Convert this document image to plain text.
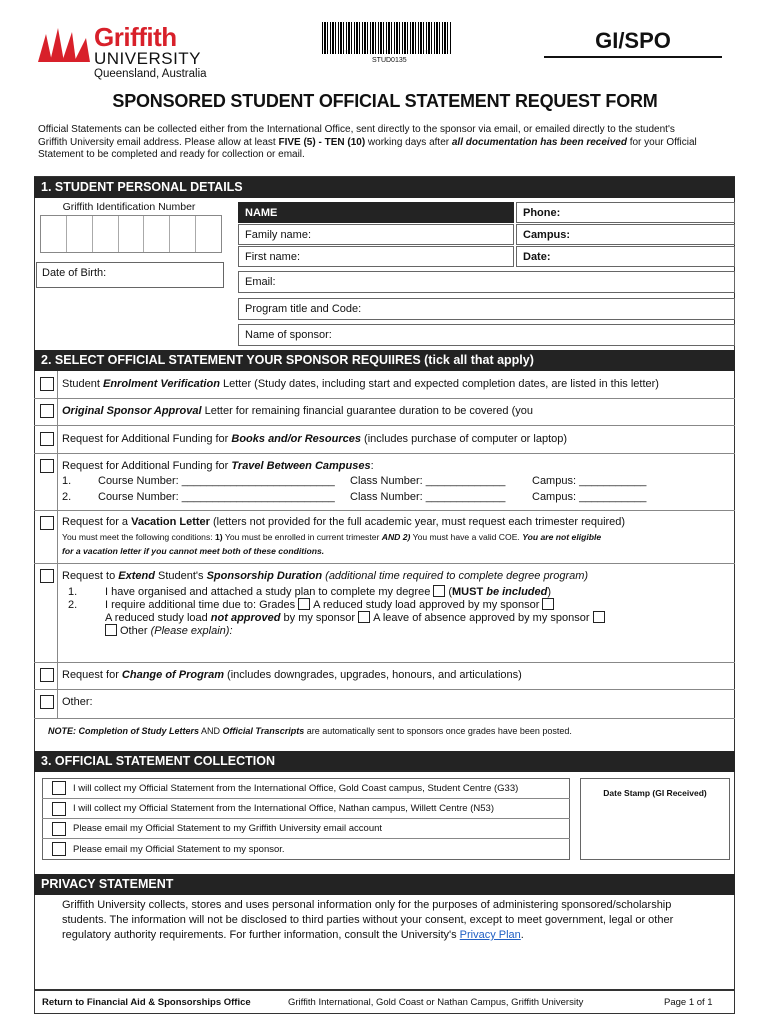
Griffith
UNIVERSITY
Queensland, Australia
STUD0135
GI/SPO
SPONSORED STUDENT OFFICIAL STATEMENT REQUEST FORM
Official Statements can be collected either from the International Office, sent directly to the sponsor via email, or emailed directly to the student's
Griffith University email address. Please allow at least FIVE (5) - TEN (10) working days after all documentation has been received for your Official
Statement to be completed and ready for collection or email.
1. STUDENT PERSONAL DETAILS
Griffith Identification Number
Date of Birth:
NAME	Phone:
Family name:	Campus:
First name:	Date:
Email:
Program title and Code:
Name of sponsor:
2. SELECT OFFICIAL STATEMENT YOUR SPONSOR REQUIIRES (tick all that apply)
Student Enrolment Verification Letter (Study dates, including start and expected completion dates, are listed in this letter)
Original Sponsor Approval Letter for remaining financial guarantee duration to be covered (you
Request for Additional Funding for Books and/or Resources (includes purchase of computer or laptop)
Request for Additional Funding for Travel Between Campuses:
1. Course Number: _________________________ Class Number: _____________ Campus: ___________
2. Course Number: _________________________ Class Number: _____________ Campus: ___________
Request for a Vacation Letter (letters not provided for the full academic year, must request each trimester required)
You must meet the following conditions: 1) You must be enrolled in current trimester AND 2) You must have a valid COE. You are not eligible
for a vacation letter if you cannot meet both of these conditions.
Request to Extend Student's Sponsorship Duration (additional time required to complete degree program)
1.	I have organised and attached a study plan to complete my degree (MUST be included)
2.	I require additional time due to: Grades A reduced study load approved by my sponsor
A reduced study load not approved by my sponsor A leave of absence approved by my sponsor
Other (Please explain):
Request for Change of Program (includes downgrades, upgrades, honours, and articulations)
Other:
NOTE: Completion of Study Letters AND Official Transcripts are automatically sent to sponsors once grades have been posted.
3. OFFICIAL STATEMENT COLLECTION
I will collect my Official Statement from the International Office, Gold Coast campus, Student Centre (G33)
I will collect my Official Statement from the International Office, Nathan campus, Willett Centre (N53)
Please email my Official Statement to my Griffith University email account
Please email my Official Statement to my sponsor.
Date Stamp (GI Received)
PRIVACY STATEMENT
Griffith University collects, stores and uses personal information only for the purposes of administering sponsored/scholarship
students. The information will not be disclosed to third parties without your consent, except to meet government, legal or other
regulatory authority requirements. For further information, consult the University's Privacy Plan.
Return to Financial Aid & Sponsorships Office	Griffith International, Gold Coast or Nathan Campus, Griffith University	Page 1 of 1
